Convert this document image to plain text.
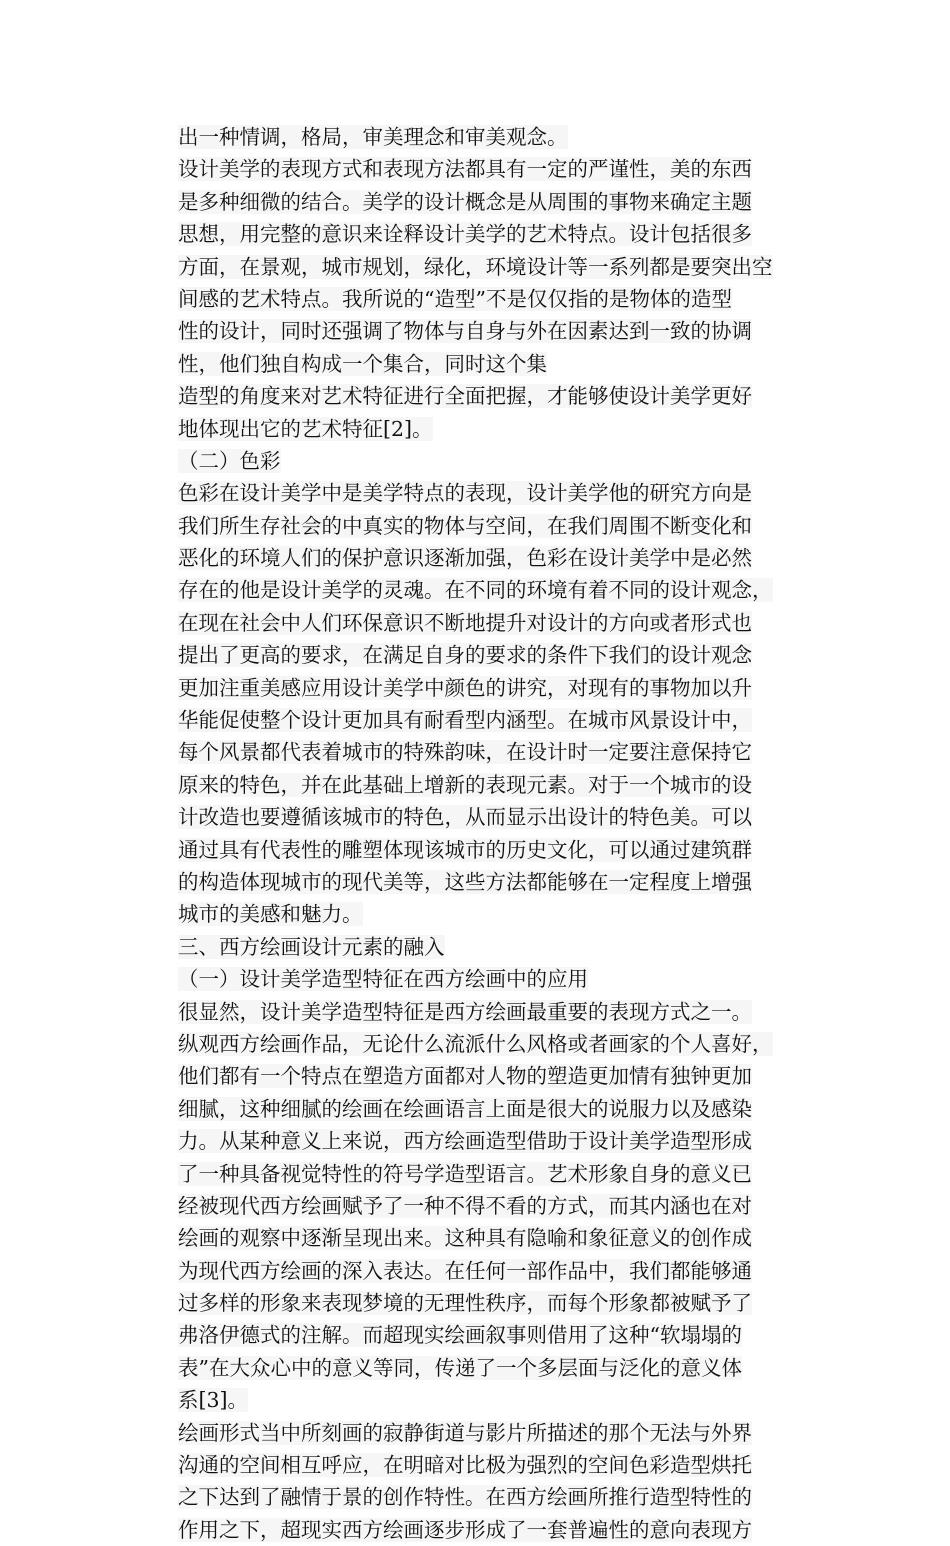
出一种情调，格局，审美理念和审美观念。
设计美学的表现方式和表现方法都具有一定的严谨性，美的东西
是多种细微的结合。美学的设计概念是从周围的事物来确定主题
思想，用完整的意识来诠释设计美学的艺术特点。设计包括很多
方面，在景观，城市规划，绿化，环境设计等一系列都是要突出空
间感的艺术特点。我所说的“造型”不是仅仅指的是物体的造型
性的设计，同时还强调了物体与自身与外在因素达到一致的协调
性，他们独自构成一个集合，同时这个集
造型的角度来对艺术特征进行全面把握，才能够使设计美学更好
地体现出它的艺术特征[2]。
（二）色彩
色彩在设计美学中是美学特点的表现，设计美学他的研究方向是
我们所生存社会的中真实的物体与空间，在我们周围不断变化和
恶化的环境人们的保护意识逐渐加强，色彩在设计美学中是必然
存在的他是设计美学的灵魂。在不同的环境有着不同的设计观念，
在现在社会中人们环保意识不断地提升对设计的方向或者形式也
提出了更高的要求，在满足自身的要求的条件下我们的设计观念
更加注重美感应用设计美学中颜色的讲究，对现有的事物加以升
华能促使整个设计更加具有耐看型内涵型。在城市风景设计中，
每个风景都代表着城市的特殊韵味，在设计时一定要注意保持它
原来的特色，并在此基础上增新的表现元素。对于一个城市的设
计改造也要遵循该城市的特色，从而显示出设计的特色美。可以
通过具有代表性的雕塑体现该城市的历史文化，可以通过建筑群
的构造体现城市的现代美等，这些方法都能够在一定程度上增强
城市的美感和魅力。
三、西方绘画设计元素的融入
（一）设计美学造型特征在西方绘画中的应用
很显然，设计美学造型特征是西方绘画最重要的表现方式之一。
纵观西方绘画作品，无论什么流派什么风格或者画家的个人喜好，
他们都有一个特点在塑造方面都对人物的塑造更加情有独钟更加
细腻，这种细腻的绘画在绘画语言上面是很大的说服力以及感染
力。从某种意义上来说，西方绘画造型借助于设计美学造型形成
了一种具备视觉特性的符号学造型语言。艺术形象自身的意义已
经被现代西方绘画赋予了一种不得不看的方式，而其内涵也在对
绘画的观察中逐渐呈现出来。这种具有隐喻和象征意义的创作成
为现代西方绘画的深入表达。在任何一部作品中，我们都能够通
过多样的形象来表现梦境的无理性秩序，而每个形象都被赋予了
弗洛伊德式的注解。而超现实绘画叙事则借用了这种“软塌塌的
表”在大众心中的意义等同，传递了一个多层面与泛化的意义体
系[3]。
绘画形式当中所刻画的寂静街道与影片所描述的那个无法与外界
沟通的空间相互呼应，在明暗对比极为强烈的空间色彩造型烘托
之下达到了融情于景的创作特性。在西方绘画所推行造型特性的
作用之下，超现实西方绘画逐步形成了一套普遍性的意向表现方
